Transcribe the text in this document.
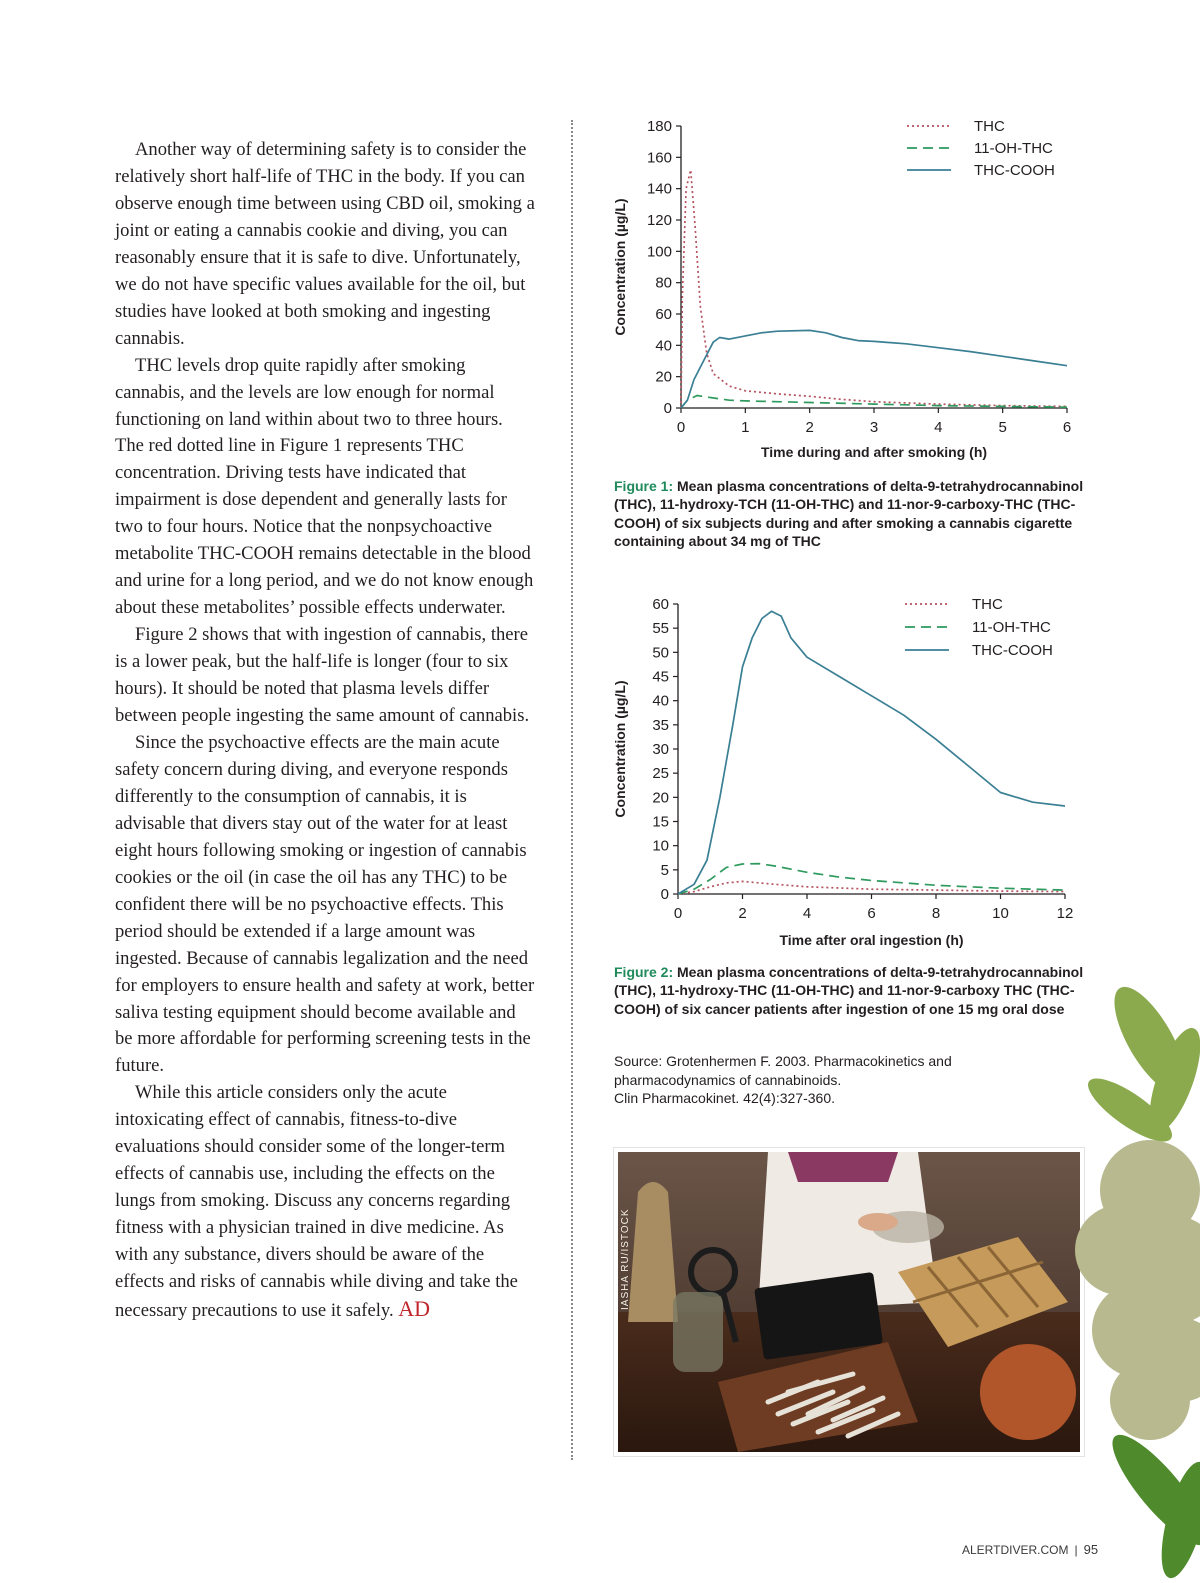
Another way of determining safety is to consider the relatively short half-life of THC in the body. If you can observe enough time between using CBD oil, smoking a joint or eating a cannabis cookie and diving, you can reasonably ensure that it is safe to dive. Unfortunately, we do not have specific values available for the oil, but studies have looked at both smoking and ingesting cannabis.

THC levels drop quite rapidly after smoking cannabis, and the levels are low enough for normal functioning on land within about two to three hours. The red dotted line in Figure 1 represents THC concentration. Driving tests have indicated that impairment is dose dependent and generally lasts for two to four hours. Notice that the nonpsychoactive metabolite THC-COOH remains detectable in the blood and urine for a long period, and we do not know enough about these metabolites’ possible effects underwater.

Figure 2 shows that with ingestion of cannabis, there is a lower peak, but the half-life is longer (four to six hours). It should be noted that plasma levels differ between people ingesting the same amount of cannabis.

Since the psychoactive effects are the main acute safety concern during diving, and everyone responds differently to the consumption of cannabis, it is advisable that divers stay out of the water for at least eight hours following smoking or ingestion of cannabis cookies or the oil (in case the oil has any THC) to be confident there will be no psychoactive effects. This period should be extended if a large amount was ingested. Because of cannabis legalization and the need for employers to ensure health and safety at work, better saliva testing equipment should become available and be more affordable for performing screening tests in the future.

While this article considers only the acute intoxicating effect of cannabis, fitness-to-dive evaluations should consider some of the longer-term effects of cannabis use, including the effects on the lungs from smoking. Discuss any concerns regarding fitness with a physician trained in dive medicine. As with any substance, divers should be aware of the effects and risks of cannabis while diving and take the necessary precautions to use it safely. AD

0
20
40
60
80
100
120
140
160
180
0	1	2	3	4	5	6
Time during and after smoking (h)
Concentration (µg/L)
THC
11-OH-THC
THC-COOH
Figure 1: Mean plasma concentrations of delta-9-tetrahydrocannabinol (THC), 11-hydroxy-TCH (11-OH-THC) and 11-nor-9-carboxy-THC (THC-COOH) of six subjects during and after smoking a cannabis cigarette containing about 34 mg of THC
0
5
10
15
20
25
30
35
40
45
50
55
60
0	2	4	6	8	10	12
Time after oral ingestion (h)
Concentration (µg/L)
THC
11-OH-THC
THC-COOH
Figure 2: Mean plasma concentrations of delta-9-tetrahydrocannabinol (THC), 11-hydroxy-THC (11-OH-THC) and 11-nor-9-carboxy THC (THC-COOH) of six cancer patients after ingestion of one 15 mg oral dose
Source: Grotenhermen F. 2003. Pharmacokinetics and
pharmacodynamics of cannabinoids.
Clin Pharmacokinet. 42(4):327-360.
IASHA RU/ISTOCK
ALERTDIVER.COM | 95
